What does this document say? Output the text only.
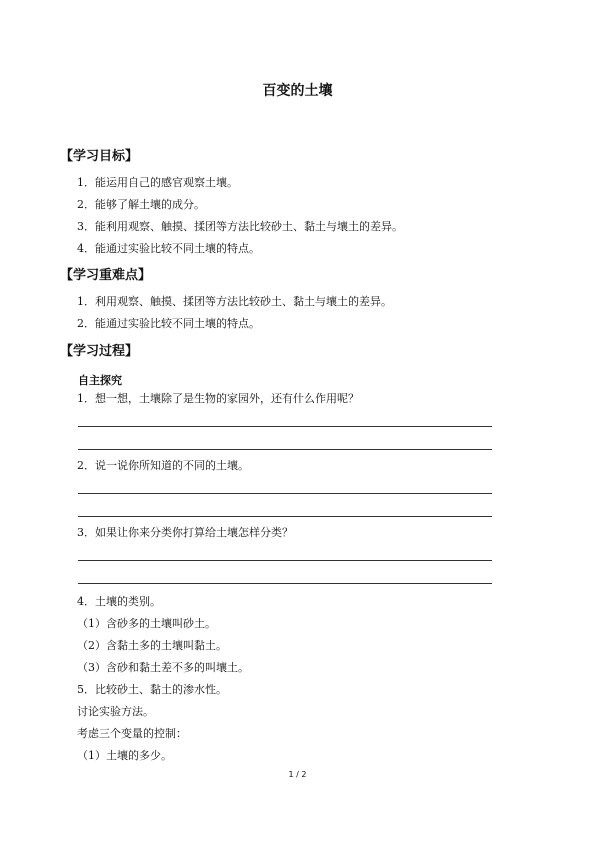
百变的土壤
【学习目标】
1．能运用自己的感官观察土壤。
2．能够了解土壤的成分。
3．能利用观察、触摸、揉团等方法比较砂土、黏土与壤土的差异。
4．能通过实验比较不同土壤的特点。
【学习重难点】
1．利用观察、触摸、揉团等方法比较砂土、黏土与壤土的差异。
2．能通过实验比较不同土壤的特点。
【学习过程】
自主探究
1．想一想，土壤除了是生物的家园外，还有什么作用呢？
2．说一说你所知道的不同的土壤。
3．如果让你来分类你打算给土壤怎样分类？
4．土壤的类别。
（1）含砂多的土壤叫砂土。
（2）含黏土多的土壤叫黏土。
（3）含砂和黏土差不多的叫壤土。
5．比较砂土、黏土的渗水性。
讨论实验方法。
考虑三个变量的控制：
（1）土壤的多少。
1 / 2
